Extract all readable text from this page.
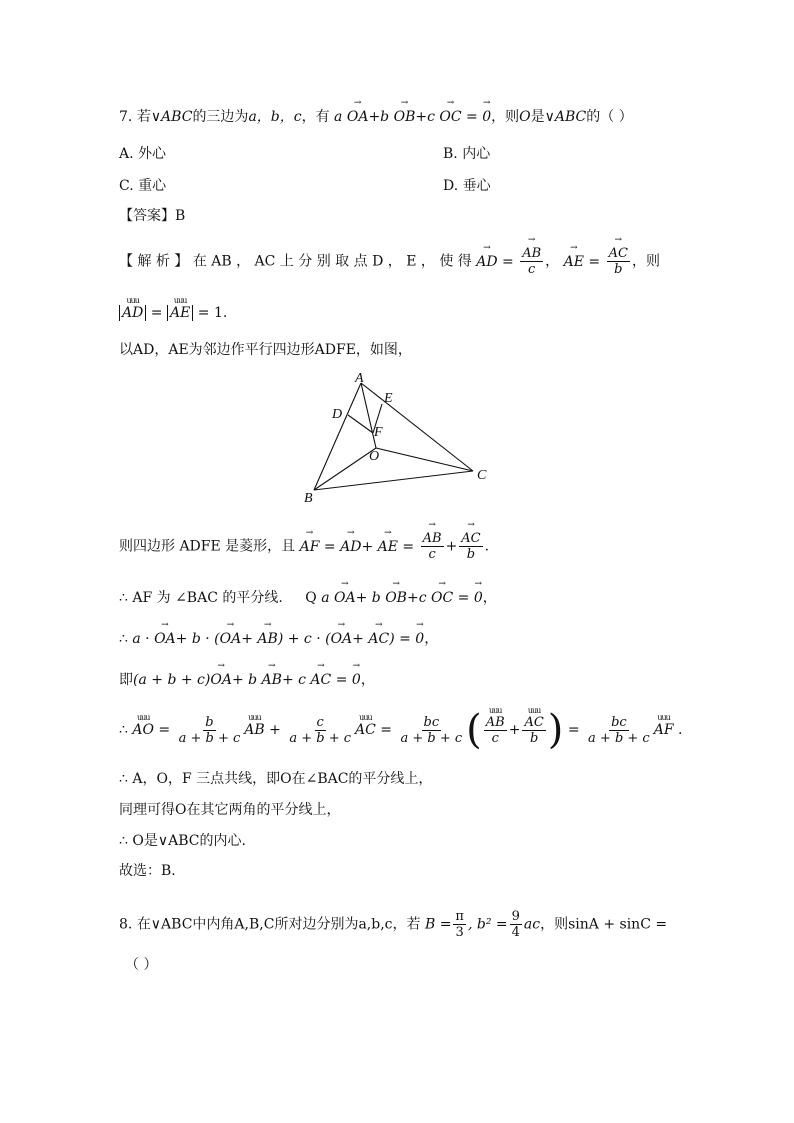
7. 若∨ABC的三边为a，b，c，有 a → OA+b → OB+c → OC = → 0，则O是∨ABC的（ ）
A. 外心	B. 内心
C. 重心	D. 垂心
【答案】B
【 解 析 】 在 AB ， AC 上 分 别 取 点 D ， E ， 使 得 → AD = → $\frac{AB}{c}$ ， → AE = → $\frac{AC}{b}$ ，则
uuu AD = uuu AE = 1.
以AD，AE为邻边作平行四边形ADFE，如图，
A
B
C
D
E
F
O
则四边形 ADFE 是菱形，且 → AF = → AD+ → AE = → $\frac{AB}{c}$ + → $\frac{AC}{b}$ .
∴ AF 为 ∠BAC 的平分线. Q a → OA+ b → OB+c → OC = → 0，
∴ a · → OA+ b · (→ OA+ → AB) + c · (→ OA+ → AC) = → 0，
即(a + b + c)→ OA+ b → AB+ c → AC = → 0，
∴ uuu AO = $\frac{b}{a + b + c}$ uuu AB + $\frac{c}{a + b + c}$ uuu AC = $\frac{bc}{a + b + c}$ ( uuu $\frac{AB}{c}$ + uuu $\frac{AC}{b}$ ) = $\frac{bc}{a + b + c}$ uuu AF .
∴ A，O，F 三点共线，即O在∠BAC的平分线上，
同理可得O在其它两角的平分线上，
∴ O是∨ABC的内心.
故选：B.
8. 在∨ABC中内角A,B,C所对边分别为a,b,c，若 $B = \frac{\pi}{3}$ , $b^2 = \frac{9}{4}$ ac，则sinA + sinC =
（ ）
